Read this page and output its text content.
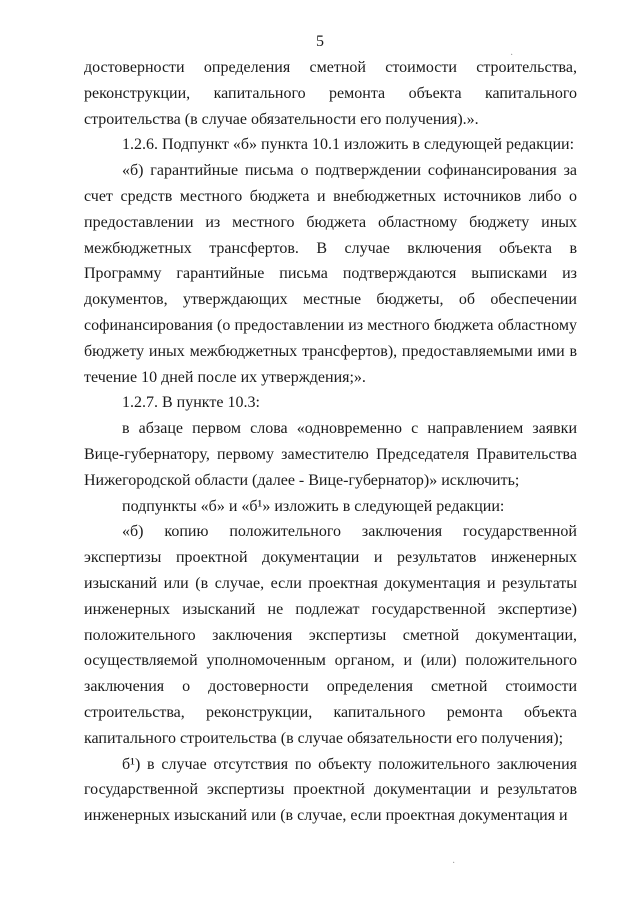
5

достоверности определения сметной стоимости строительства, реконструкции, капитального ремонта объекта капитального строительства (в случае обязательности его получения).».

1.2.6. Подпункт «б» пункта 10.1 изложить в следующей редакции:

«б) гарантийные письма о подтверждении софинансирования за счет средств местного бюджета и внебюджетных источников либо о предоставлении из местного бюджета областному бюджету иных межбюджетных трансфертов. В случае включения объекта в Программу гарантийные письма подтверждаются выписками из документов, утверждающих местные бюджеты, об обеспечении софинансирования (о предоставлении из местного бюджета областному бюджету иных межбюджетных трансфертов), предоставляемыми ими в течение 10 дней после их утверждения;».

1.2.7. В пункте 10.3:

в абзаце первом слова «одновременно с направлением заявки Вице-губернатору, первому заместителю Председателя Правительства Нижегородской области (далее - Вице-губернатор)» исключить;

подпункты «б» и «б¹» изложить в следующей редакции:

«б) копию положительного заключения государственной экспертизы проектной документации и результатов инженерных изысканий или (в случае, если проектная документация и результаты инженерных изысканий не подлежат государственной экспертизе) положительного заключения экспертизы сметной документации, осуществляемой уполномоченным органом, и (или) положительного заключения о достоверности определения сметной стоимости строительства, реконструкции, капитального ремонта объекта капитального строительства (в случае обязательности его получения);

б¹) в случае отсутствия по объекту положительного заключения государственной экспертизы проектной документации и результатов инженерных изысканий или (в случае, если проектная документация и

·
·
